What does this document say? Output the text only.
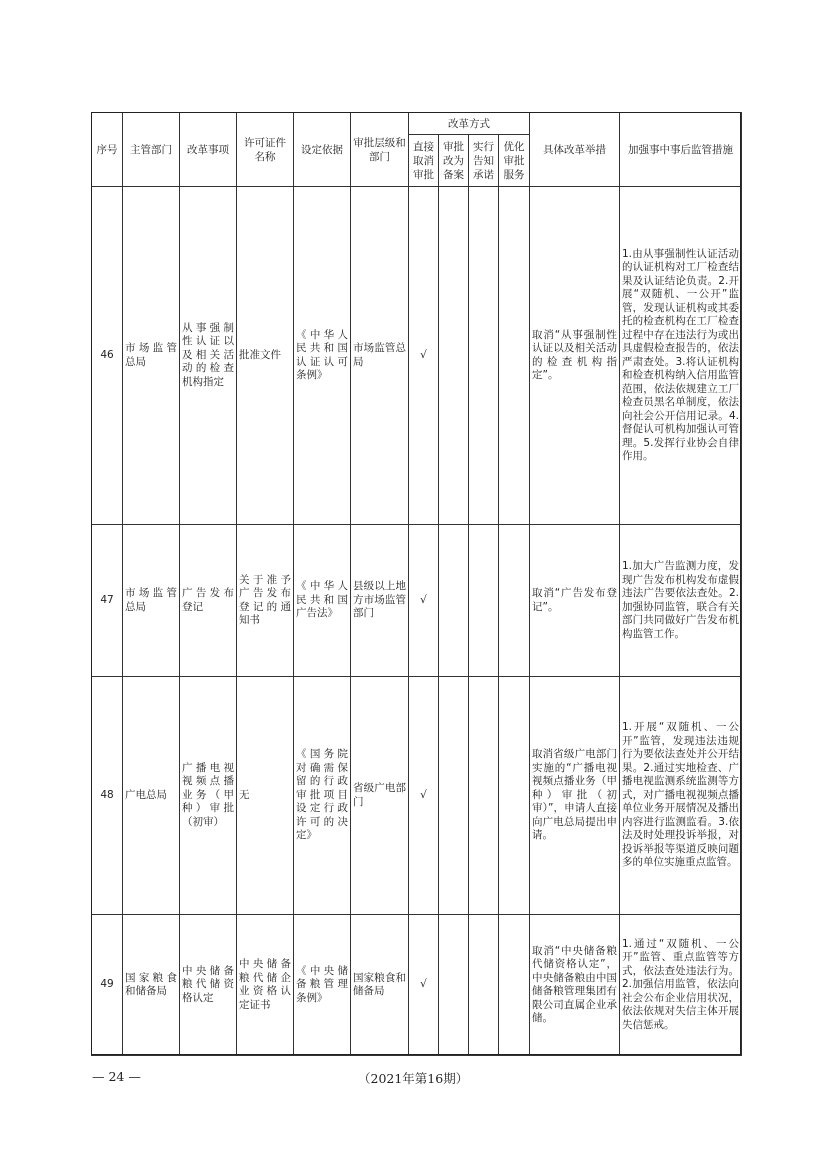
序号	主管部门	改革事项	许可证件名称	设定依据	审批层级和部门	改革方式				具体改革举措	加强事中事后监管措施
						直接取消审批	审批改为备案	实行告知承诺	优化审批服务		
46	市场监管总局	从事强制性认证以及相关活动的检查机构指定	批准文件	《中华人民共和国认证认可条例》	市场监管总局	√				取消“从事强制性认证以及相关活动的检查机构指定”。	1.由从事强制性认证活动的认证机构对工厂检查结果及认证结论负责。2.开展“双随机、一公开”监管，发现认证机构或其委托的检查机构在工厂检查过程中存在违法行为或出具虚假检查报告的，依法严肃查处。3.将认证机构和检查机构纳入信用监管范围，依法依规建立工厂检查员黑名单制度，依法向社会公开信用记录。4.督促认可机构加强认可管理。5.发挥行业协会自律作用。
47	市场监管总局	广告发布登记	关于准予广告发布登记的通知书	《中华人民共和国广告法》	县级以上地方市场监管部门	√				取消“广告发布登记”。	1.加大广告监测力度，发现广告发布机构发布虚假违法广告要依法查处。2.加强协同监管，联合有关部门共同做好广告发布机构监管工作。
48	广电总局	广播电视视频点播业务（甲种）审批（初审）	无	《国务院对确需保留的行政审批项目设定行政许可的决定》	省级广电部门	√				取消省级广电部门实施的“广播电视视频点播业务（甲种）审批（初审）”，申请人直接向广电总局提出申请。	1.开展“双随机、一公开”监管，发现违法违规行为要依法查处并公开结果。2.通过实地检查、广播电视监测系统监测等方式，对广播电视视频点播单位业务开展情况及播出内容进行监测监看。3.依法及时处理投诉举报，对投诉举报等渠道反映问题多的单位实施重点监管。
49	国家粮食和储备局	中央储备粮代储资格认定	中央储备粮代储企业资格认定证书	《中央储备粮管理条例》	国家粮食和储备局	√				取消“中央储备粮代储资格认定”，中央储备粮由中国储备粮管理集团有限公司直属企业承储。	1.通过“双随机、一公开”监管、重点监管等方式，依法查处违法行为。2.加强信用监管，依法向社会公布企业信用状况，依法依规对失信主体开展失信惩戒。
— 24 —	（2021年第16期）
